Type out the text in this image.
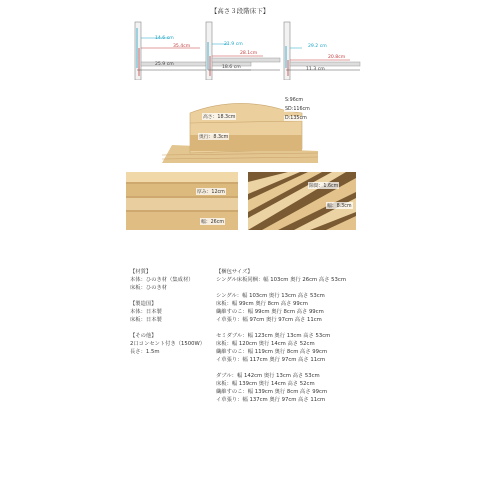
【高さ３段階床下】
14.6 cm
35.4cm
25.9 cm
21.9 cm
28.1cm
18.6 cm
29.2 cm
20.8cm
11.3 cm
高さ：18.3cm
奥行：8.3cm
S:96cm
SD:116cm
D:135cm
厚み：12cm
幅：26cm
隙間：1.6cm
幅：8.3cm
【材質】
本体：ひのき材（集成材）
床板：ひのき材
【製造国】
本体：日本製
床板：日本製
【その他】
2口コンセント付き（1500W）
長さ：1.5m
【梱包サイズ】
シングル床板同梱：幅 103cm 奥行 26cm 高さ 53cm
シングル：幅 103cm 奥行 13cm 高さ 53cm
床板：幅 99cm 奥行 8cm 高さ 99cm
繊維すのこ：幅 99cm 奥行 8cm 高さ 99cm
イ草張り：幅 97cm 奥行 97cm 高さ 11cm
セミダブル：幅 123cm 奥行 13cm 高さ 53cm
床板：幅 120cm 奥行 14cm 高さ 52cm
繊維すのこ：幅 119cm 奥行 8cm 高さ 99cm
イ草張り：幅 117cm 奥行 97cm 高さ 11cm
ダブル：幅 142cm 奥行 13cm 高さ 53cm
床板：幅 139cm 奥行 14cm 高さ 52cm
繊維すのこ：幅 139cm 奥行 8cm 高さ 99cm
イ草張り：幅 137cm 奥行 97cm 高さ 11cm
